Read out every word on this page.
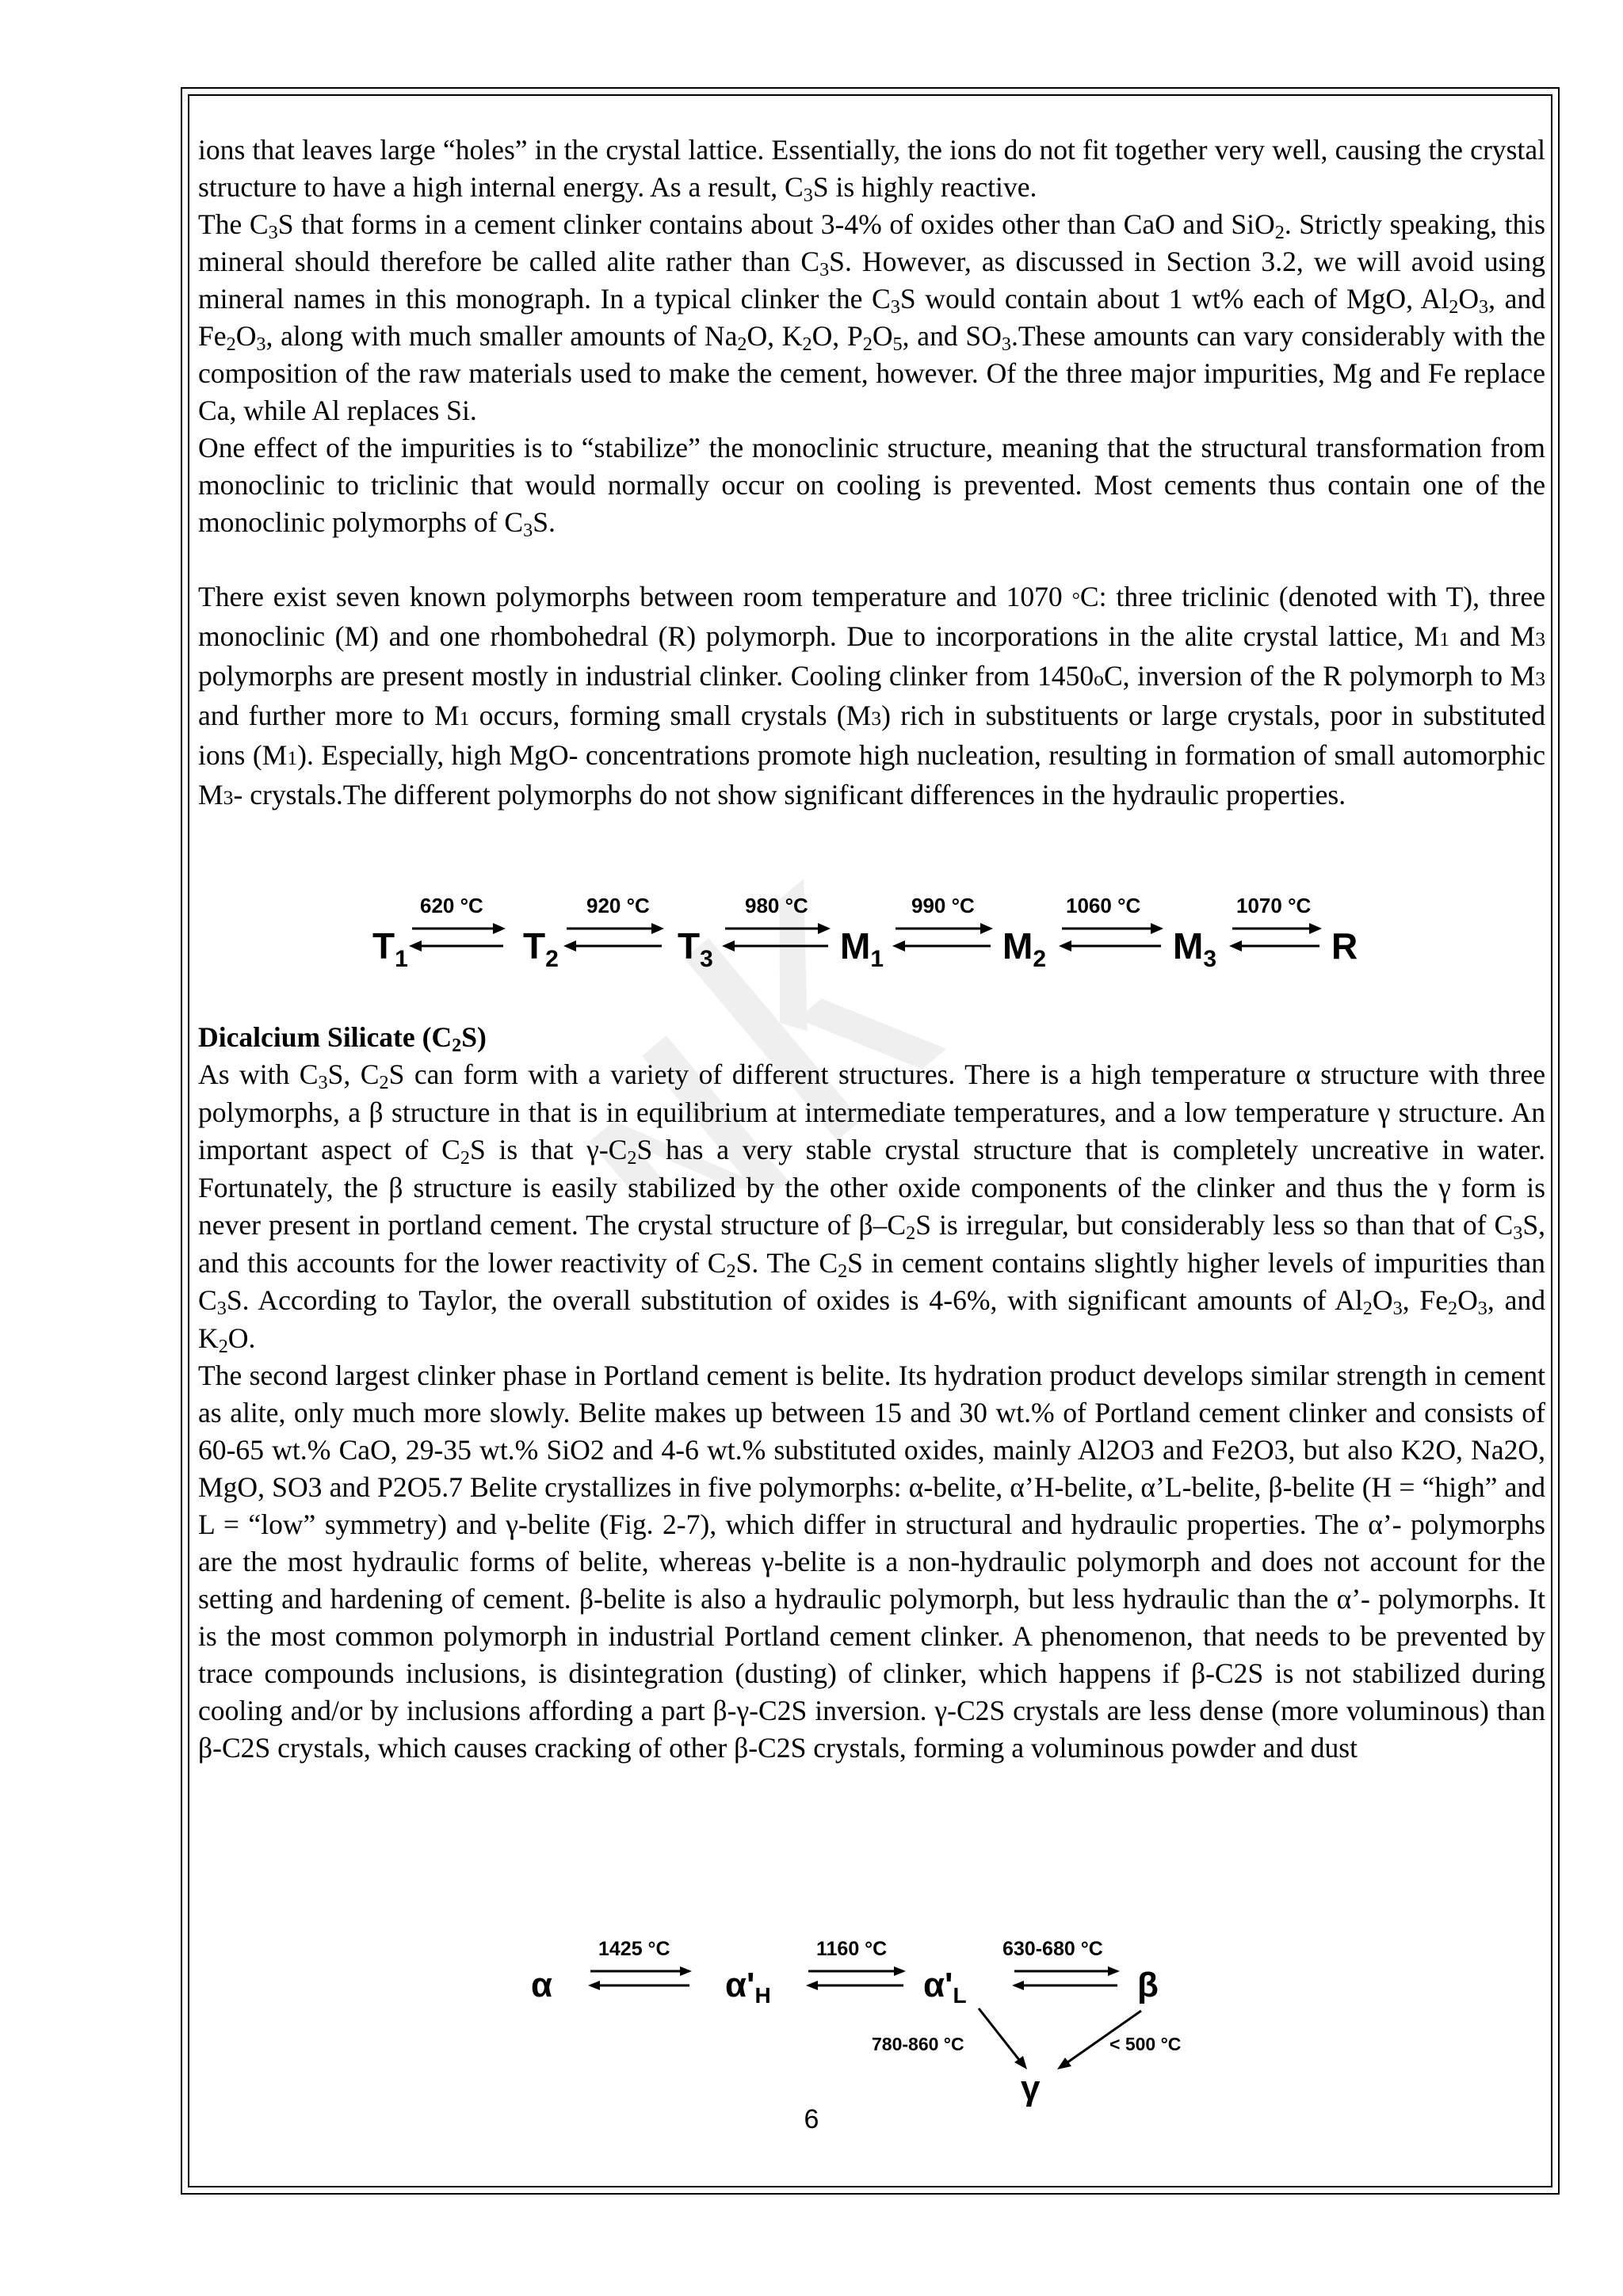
ions that leaves large “holes” in the crystal lattice. Essentially, the ions do not fit together very well, causing the crystal structure to have a high internal energy. As a result, $C_3S$ is highly reactive.

The $C_3S$ that forms in a cement clinker contains about 3-4% of oxides other than CaO and SiO$_2$. Strictly speaking, this mineral should therefore be called alite rather than $C_3S$. However, as discussed in Section 3.2, we will avoid using mineral names in this monograph. In a typical clinker the $C_3S$ would contain about 1 wt% each of MgO, $Al_2O_3$, and $Fe_2O_3$, along with much smaller amounts of $Na_2O$, $K_2O$, $P_2O_5$, and $SO_3.These$ amounts can vary considerably with the composition of the raw materials used to make the cement, however. Of the three major impurities, Mg and Fe replace Ca, while Al replaces Si.

One effect of the impurities is to “stabilize” the monoclinic structure, meaning that the structural transformation from monoclinic to triclinic that would normally occur on cooling is prevented. Most cements thus contain one of the monoclinic polymorphs of $C_3S$.

There exist seven known polymorphs between room temperature and 1070 °C: three triclinic (denoted with T), three monoclinic (M) and one rhombohedral (R) polymorph. Due to incorporations in the alite crystal lattice, M1 and M3 polymorphs are present mostly in industrial clinker. Cooling clinker from 1450oC, inversion of the R polymorph to M3 and further more to M1 occurs, forming small crystals (M3) rich in substituents or large crystals, poor in substituted ions (M1). Especially, high MgO- concentrations promote high nucleation, resulting in formation of small automorphic M3- crystals.The different polymorphs do not show significant differences in the hydraulic properties.

$T_1$	$T_2$	$T_3$	$M_1$	$M_2$	$M_3$	R
620 °C	920 °C	980 °C	990 °C	1060 °C	1070 °C

Dicalcium Silicate $(C_2S)$

As with $C_3S$, $C_2S$ can form with a variety of different structures. There is a high temperature α structure with three polymorphs, a β structure in that is in equilibrium at intermediate temperatures, and a low temperature γ structure. An important aspect of $C_2S$ is that $\gamma-C_2S$ has a very stable crystal structure that is completely uncreative in water. Fortunately, the β structure is easily stabilized by the other oxide components of the clinker and thus the γ form is never present in portland cement. The crystal structure of $\beta-C_2S$ is irregular, but considerably less so than that of $C_3S$, and this accounts for the lower reactivity of $C_2S$. The $C_2S$ in cement contains slightly higher levels of impurities than $C_3S$. According to Taylor, the overall substitution of oxides is 4-6%, with significant amounts of $Al_2O_3$, $Fe_2O_3$, and $K_2O$.

The second largest clinker phase in Portland cement is belite. Its hydration product develops similar strength in cement as alite, only much more slowly. Belite makes up between 15 and 30 wt.% of Portland cement clinker and consists of 60-65 wt.% CaO, 29-35 wt.% SiO2 and 4-6 wt.% substituted oxides, mainly Al2O3 and Fe2O3, but also K2O, Na2O, MgO, SO3 and P2O5.7 Belite crystallizes in five polymorphs: α-belite, α’H-belite, α’L-belite, β-belite (H = “high” and L = “low” symmetry) and γ-belite (Fig. 2-7), which differ in structural and hydraulic properties. The α’- polymorphs are the most hydraulic forms of belite, whereas γ-belite is a non-hydraulic polymorph and does not account for the setting and hardening of cement. β-belite is also a hydraulic polymorph, but less hydraulic than the α’- polymorphs. It is the most common polymorph in industrial Portland cement clinker. A phenomenon, that needs to be prevented by trace compounds inclusions, is disintegration (dusting) of clinker, which happens if β-C2S is not stabilized during cooling and/or by inclusions affording a part β-γ-C2S inversion. γ-C2S crystals are less dense (more voluminous) than β-C2S crystals, which causes cracking of other β-C2S crystals, forming a voluminous powder and dust

α	α'H	α'L	β
γ
1425 °C	1160 °C	630-680 °C
780-860 °C	< 500 °C
6
